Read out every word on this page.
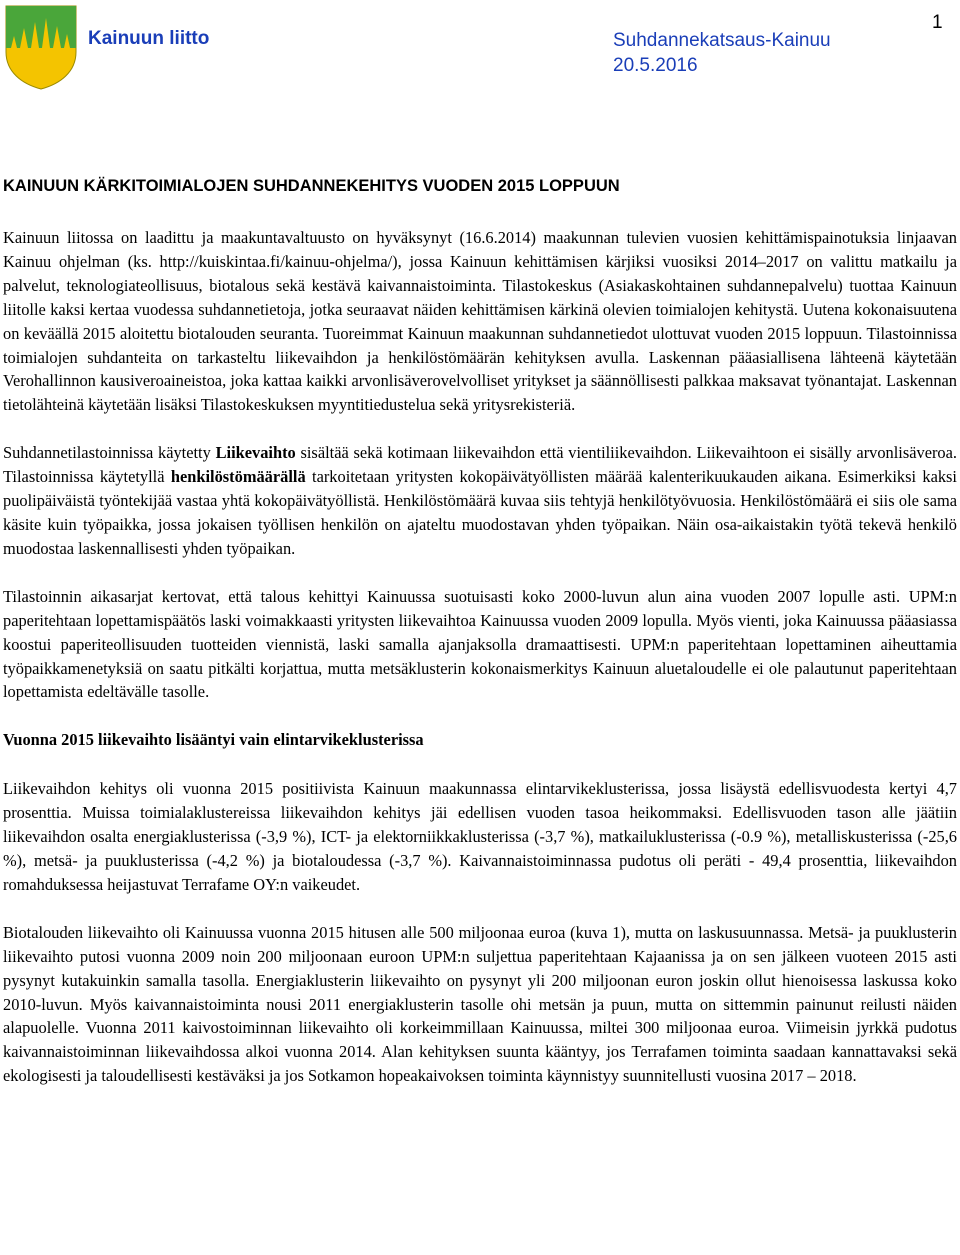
Kainuun liitto	Suhdannekatsaus-Kainuu
20.5.2016
1
KAINUUN KÄRKITOIMIALOJEN SUHDANNEKEHITYS VUODEN 2015 LOPPUUN

Kainuun liitossa on laadittu ja maakuntavaltuusto on hyväksynyt (16.6.2014) maakunnan tulevien vuosien kehittämispainotuksia linjaavan Kainuu ohjelman (ks. http://kuiskintaa.fi/kainuu-ohjelma/), jossa Kainuun kehittämisen kärjiksi vuosiksi 2014–2017 on valittu matkailu ja palvelut, teknologiateollisuus, biotalous sekä kestävä kaivannaistoiminta. Tilastokeskus (Asiakaskohtainen suhdannepalvelu) tuottaa Kainuun liitolle kaksi kertaa vuodessa suhdannetietoja, jotka seuraavat näiden kehittämisen kärkinä olevien toimialojen kehitystä. Uutena kokonaisuutena on keväällä 2015 aloitettu biotalouden seuranta. Tuoreimmat Kainuun maakunnan suhdannetiedot ulottuvat vuoden 2015 loppuun. Tilastoinnissa toimialojen suhdanteita on tarkasteltu liikevaihdon ja henkilöstömäärän kehityksen avulla. Laskennan pääasiallisena lähteenä käytetään Verohallinnon kausiveroaineistoa, joka kattaa kaikki arvonlisäverovelvolliset yritykset ja säännöllisesti palkkaa maksavat työnantajat. Laskennan tietolähteinä käytetään lisäksi Tilastokeskuksen myyntitiedustelua sekä yritysrekisteriä.

Suhdannetilastoinnissa käytetty Liikevaihto sisältää sekä kotimaan liikevaihdon että vientiliikevaihdon. Liikevaihtoon ei sisälly arvonlisäveroa. Tilastoinnissa käytetyllä henkilöstömäärällä tarkoitetaan yritysten kokopäivätyöllisten määrää kalenterikuukauden aikana. Esimerkiksi kaksi puolipäiväistä työntekijää vastaa yhtä kokopäivätyöllistä. Henkilöstömäärä kuvaa siis tehtyjä henkilötyövuosia. Henkilöstömäärä ei siis ole sama käsite kuin työpaikka, jossa jokaisen työllisen henkilön on ajateltu muodostavan yhden työpaikan. Näin osa-aikaistakin työtä tekevä henkilö muodostaa laskennallisesti yhden työpaikan.

Tilastoinnin aikasarjat kertovat, että talous kehittyi Kainuussa suotuisasti koko 2000-luvun alun aina vuoden 2007 lopulle asti. UPM:n paperitehtaan lopettamispäätös laski voimakkaasti yritysten liikevaihtoa Kainuussa vuoden 2009 lopulla. Myös vienti, joka Kainuussa pääasiassa koostui paperiteollisuuden tuotteiden viennistä, laski samalla ajanjaksolla dramaattisesti. UPM:n paperitehtaan lopettaminen aiheuttamia työpaikkamenetyksiä on saatu pitkälti korjattua, mutta metsäklusterin kokonaismerkitys Kainuun aluetaloudelle ei ole palautunut paperitehtaan lopettamista edeltävälle tasolle.

Vuonna 2015 liikevaihto lisääntyi vain elintarvikeklusterissa

Liikevaihdon kehitys oli vuonna 2015 positiivista Kainuun maakunnassa elintarvikeklusterissa, jossa lisäystä edellisvuodesta kertyi 4,7 prosenttia. Muissa toimialaklustereissa liikevaihdon kehitys jäi edellisen vuoden tasoa heikommaksi. Edellisvuoden tason alle jäätiin liikevaihdon osalta energiaklusterissa (-3,9 %), ICT- ja elektorniikkaklusterissa (-3,7 %), matkailuklusterissa (-0.9 %), metalliskusterissa (-25,6 %), metsä- ja puuklusterissa (-4,2 %) ja biotaloudessa (-3,7 %). Kaivannaistoiminnassa pudotus oli peräti - 49,4 prosenttia, liikevaihdon romahduksessa heijastuvat Terrafame OY:n vaikeudet.

Biotalouden liikevaihto oli Kainuussa vuonna 2015 hitusen alle 500 miljoonaa euroa (kuva 1), mutta on laskusuunnassa. Metsä- ja puuklusterin liikevaihto putosi vuonna 2009 noin 200 miljoonaan euroon UPM:n suljettua paperitehtaan Kajaanissa ja on sen jälkeen vuoteen 2015 asti pysynyt kutakuinkin samalla tasolla. Energiaklusterin liikevaihto on pysynyt yli 200 miljoonan euron joskin ollut hienoisessa laskussa koko 2010-luvun. Myös kaivannaistoiminta nousi 2011 energiaklusterin tasolle ohi metsän ja puun, mutta on sittemmin painunut reilusti näiden alapuolelle. Vuonna 2011 kaivostoiminnan liikevaihto oli korkeimmillaan Kainuussa, miltei 300 miljoonaa euroa. Viimeisin jyrkkä pudotus kaivannaistoiminnan liikevaihdossa alkoi vuonna 2014. Alan kehityksen suunta kääntyy, jos Terrafamen toiminta saadaan kannattavaksi sekä ekologisesti ja taloudellisesti kestäväksi ja jos Sotkamon hopeakaivoksen toiminta käynnistyy suunnitellusti vuosina 2017 – 2018.
